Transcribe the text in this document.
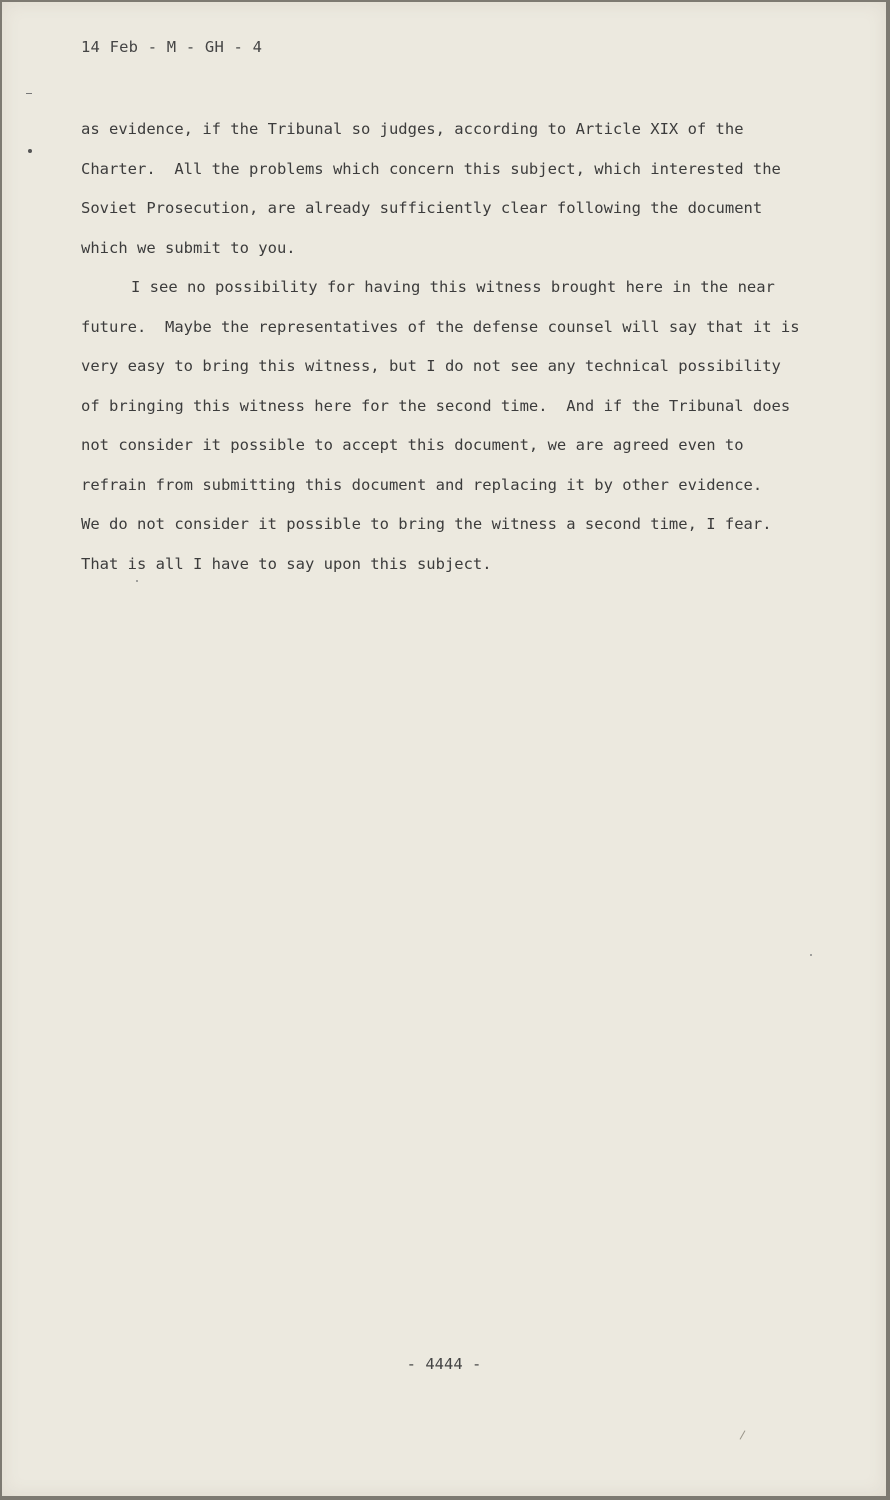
14 Feb - M - GH - 4
as evidence, if the Tribunal so judges, according to Article XIX of the
Charter.  All the problems which concern this subject, which interested the
Soviet Prosecution, are already sufficiently clear following the document
which we submit to you.
I see no possibility for having this witness brought here in the near
future.  Maybe the representatives of the defense counsel will say that it is
very easy to bring this witness, but I do not see any technical possibility
of bringing this witness here for the second time.  And if the Tribunal does
not consider it possible to accept this document, we are agreed even to
refrain from submitting this document and replacing it by other evidence.
We do not consider it possible to bring the witness a second time, I fear.
That is all I have to say upon this subject.
- 4444 -
